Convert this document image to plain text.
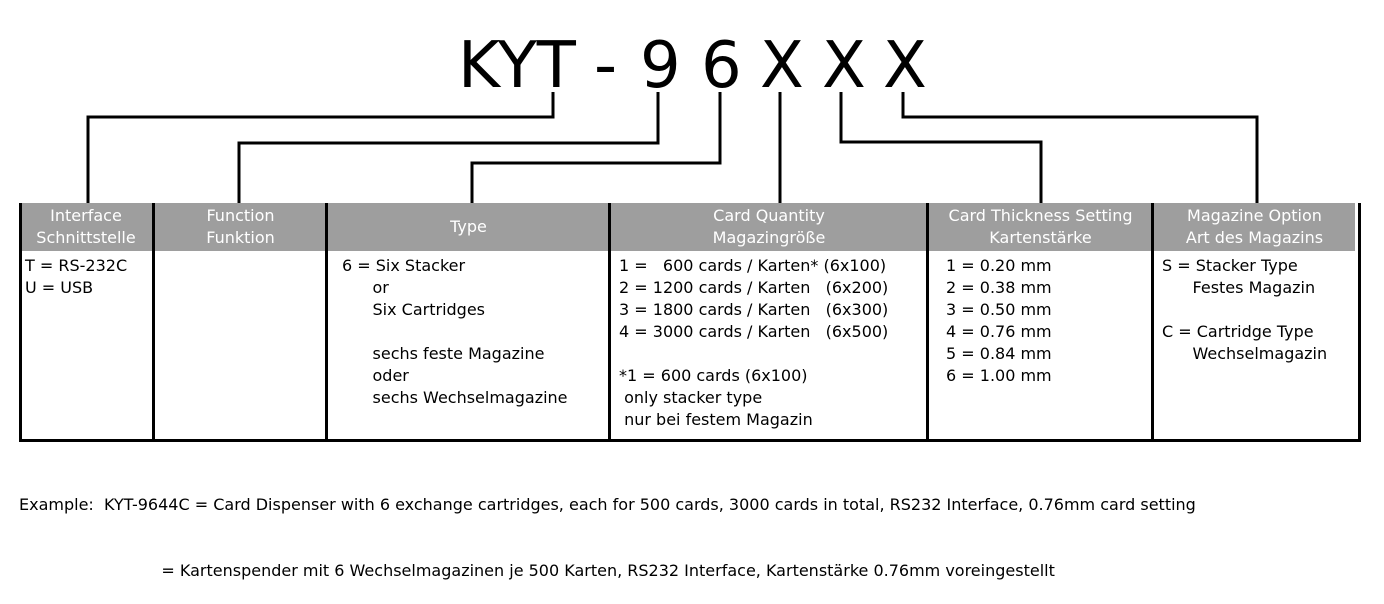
KYT - 9 6 X X X
Interface
Schnittstelle
T = RS-232C
U = USB
Function
Funktion
Type
6 = Six Stacker
or
Six Cartridges

sechs feste Magazine
oder
sechs Wechselmagazine
Card Quantity
Magazingröße
1 =   600 cards / Karten* (6x100)
2 = 1200 cards / Karten   (6x200)
3 = 1800 cards / Karten   (6x300)
4 = 3000 cards / Karten   (6x500)

*1 = 600 cards (6x100)
only stacker type
nur bei festem Magazin
Card Thickness Setting
Kartenstärke
1 = 0.20 mm
2 = 0.38 mm
3 = 0.50 mm
4 = 0.76 mm
5 = 0.84 mm
6 = 1.00 mm
Magazine Option
Art des Magazins
S = Stacker Type
Festes Magazin

C = Cartridge Type
Wechselmagazin

Example:  KYT-9644C = Card Dispenser with 6 exchange cartridges, each for 500 cards, 3000 cards in total, RS232 Interface, 0.76mm card setting

= Kartenspender mit 6 Wechselmagazinen je 500 Karten, RS232 Interface, Kartenstärke 0.76mm voreingestellt
